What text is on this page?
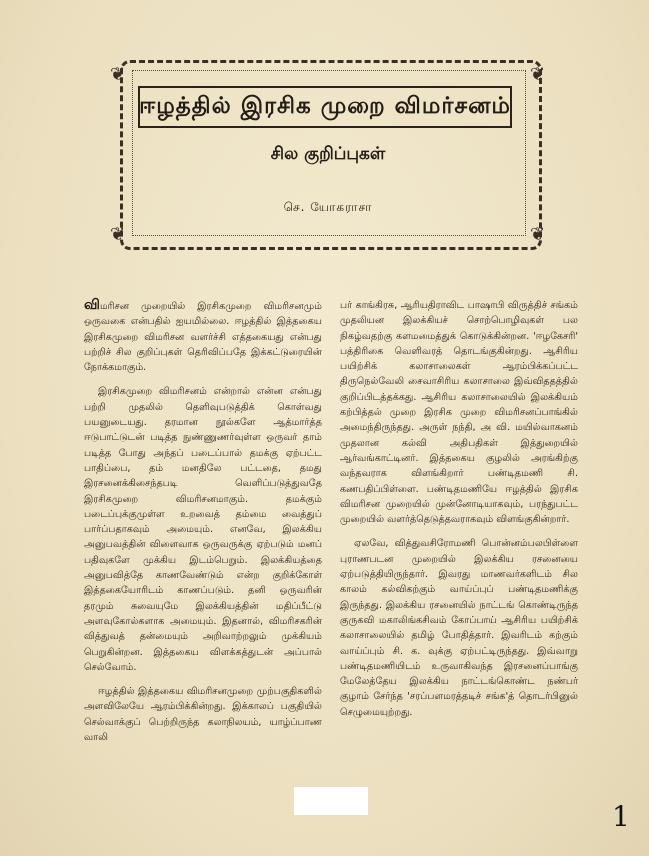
❦	❦
❦	❦
ஈழத்தில் இரசிக முறை விமர்சனம்
சில குறிப்புகள்
செ. யோகராசா

விமரிசன முறையில் இரசிகமுறை விமரிசனமும் ஒருவகை என்பதில் ஐயமில்லை. ஈழத்தில் இத்தகைய இரசிகமுறை விமரிசன வளர்ச்சி எத்தகையது என்பது பற்றிச் சில குறிப்புகள் தெரிவிப்பதே இக்கட்டுரையின் நோக்கமாகும்.

இரசிகமுறை விமரிசனம் என்றால் என்ன என்பது பற்றி முதலில் தெளிவுபடுத்திக் கொள்வது பயனுடையது. தரமான நூல்களே ஆத்மார்த்த ஈடுபாட்டுடன் படித்த நுண்ணுணர்வுள்ள ஒருவர் தாம் படித்த போது அந்தப் படைப்பால் தமக்கு ஏற்பட்ட பாதிப்பை, தம் மனதிலே பட்டதை, தமது இரசனைக்கிசைந்தபடி வெளிப்படுத்துவதே இரசிகமுறை விமரிசனமாகும். தமக்கும் படைப்புக்குமுள்ள உறவைத் தம்மை வைத்துப் பார்ப்பதாகவும் அமையும். எனவே, இலக்கிய அனுபவத்தின் விளைவாக ஒருவருக்கு ஏற்படும் மனப் பதிவுகளே முக்கிய இடம்பெறும். இலக்கியத்தை அனுபவித்தே காணவேண்டும் என்ற குறிக்கோள் இத்தகையோரிடம் காணப்படும். தனி ஒருவரின் தரமும் சுவையுமே இலக்கியத்தின் மதிப்பீட்டு அளவுகோல்களாக அமையும். இதனால், விமரிசகரின் வித்துவத் தன்மையும் அறிவாற்றலும் முக்கியம் பெறுகின்றன. இத்தகைய விளக்கத்துடன் அப்பால் செல்வோம்.

ஈழத்தில் இத்தகைய விமரிசனமுறை முற்பகுதிகளில் அளவிலேயே ஆரம்பிக்கின்றது. இக்காலப் பகுதியில் செல்வாக்குப் பெற்றிருந்த கலாநிலயம், யாழ்ப்பாண வாலி

பர் காங்கிரசு, ஆரியதிராவிட பாஷாபி விருத்திச் சங்கம் முதலியன இலக்கியச் சொற்பொழிவுகள் பல நிகழ்வதற்கு களமமைத்துக் கொடுக்கின்றன. 'ஈழகேசரி' பத்திரிகை வெளிவரத் தொடங்குகின்றது. ஆசிரிய பயிற்சிக் கலாசாலைகள் ஆரம்பிக்கப்பட்ட திருநெல்வேலி சைவாசிரிய கலாசாலை இவ்விததத்தில் குறிப்பிடத்தக்கது. ஆசிரிய கலாசாலையில் இலக்கியம் கற்பித்தல் முறை இரசிக முறை விமரிசனப்பாங்கில் அமைந்திருந்தது. அருள் நந்தி, அ வி. மயில்வாகனம் முதலான கல்வி அதிபதிகள் இத்துறையில் ஆர்வங்காட்டினர். இத்தகைய குழலில் அரங்கிற்கு வந்தவராக விளங்கிறார் பண்டிதமணி சி. கணபதிப்பிள்ளை. பண்டிதமணியே ஈழத்தில் இரசிக விமரிசன முறையில் முன்னோடியாகவும், பரந்துபட்ட முறையில் வளர்த்தெடுத்தவராகவும் விளங்குகின்றார்.

ஏலவே, வித்துவசிரோமணி பொன்னம்பலபிள்ளை புராணபடன முறையில் இலக்கிய ரசனையை ஏற்படுத்தியிருந்தார். இவரது மாணவர்களிடம் சில காலம் கல்விகற்கும் வாய்ப்புப் பண்டிதமணிக்கு இருந்தது. இலக்கிய ரசனையில் நாட்டங் கொண்டிருந்த குருகவி மகாலிங்கசிவம் கோப்பாய் ஆசிரிய பயிற்சிக் கலாசாலையில் தமிழ் போதித்தார். இவரிடம் கற்கும் வாய்ப்பும் சி. க. வுக்கு ஏற்பட்டிருந்தது. இவ்வாறு பண்டிதமணியிடம் உருவாகிவந்த இரசனைப்பாங்கு மேலேத்தேய இலக்கிய நாட்டங்கொண்ட நண்பர் குழாம் சேர்ந்த 'சரப்பளமரத்தடிச் சங்க'த் தொடர்பினுல் செழுமையுற்றது.

1
